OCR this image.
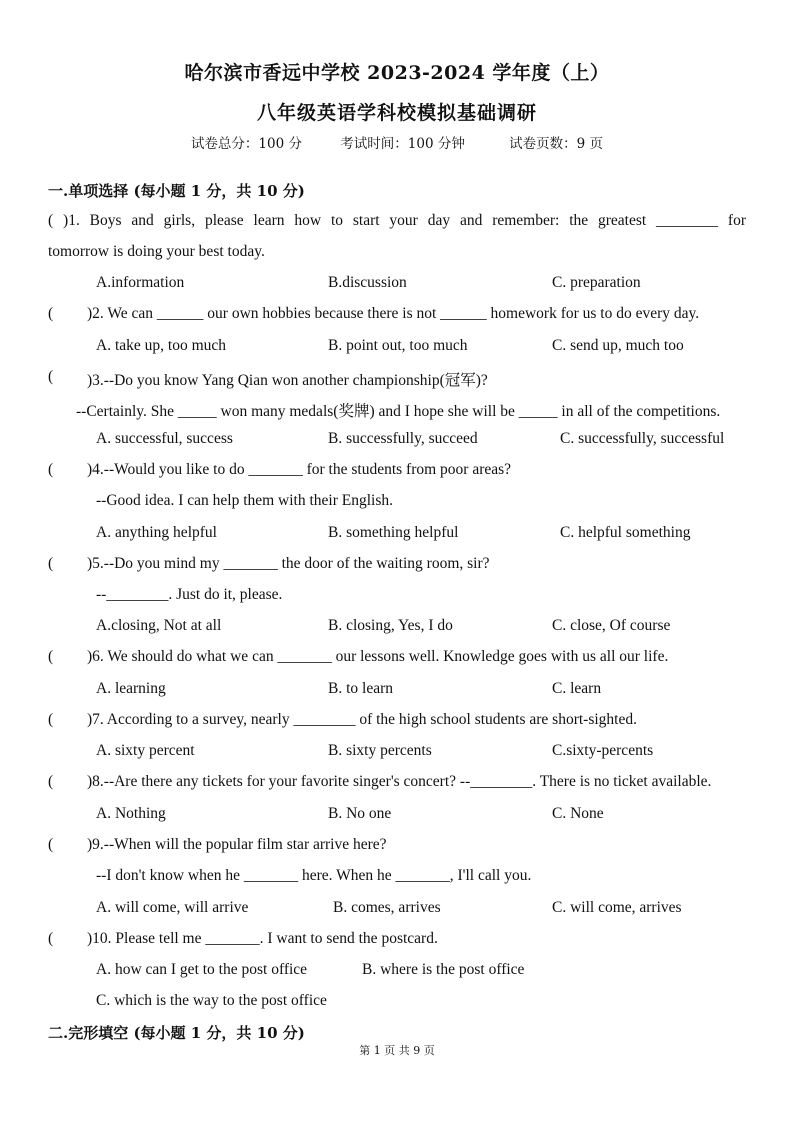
哈尔滨市香远中学校 2023-2024 学年度（上）
八年级英语学科校模拟基础调研
试卷总分：100 分	考试时间：100 分钟	试卷页数：9 页
一.单项选择 (每小题 1 分，共 10 分)
( )1. Boys and girls, please learn how to start your day and remember: the greatest ________ for
tomorrow is doing your best today.
A.information	B.discussion	C. preparation
( )2. We can ______ our own hobbies because there is not ______ homework for us to do every day.
A. take up, too much	B. point out, too much	C. send up, much too
( )3.--Do you know Yang Qian won another championship(冠军)?
--Certainly. She _____ won many medals(奖牌) and I hope she will be _____ in all of the competitions.
A. successful, success	B. successfully, succeed	C. successfully, successful
( )4.--Would you like to do _______ for the students from poor areas?
--Good idea. I can help them with their English.
A. anything helpful	B. something helpful	C. helpful something
( )5.--Do you mind my _______ the door of the waiting room, sir?
--________. Just do it, please.
A.closing, Not at all	B. closing, Yes, I do	C. close, Of course
( )6. We should do what we can _______ our lessons well. Knowledge goes with us all our life.
A. learning	B. to learn	C. learn
( )7. According to a survey, nearly ________ of the high school students are short-sighted.
A. sixty percent	B. sixty percents	C.sixty-percents
( )8.--Are there any tickets for your favorite singer's concert? --________. There is no ticket available.
A. Nothing	B. No one	C. None
( )9.--When will the popular film star arrive here?
--I don't know when he _______ here. When he _______, I'll call you.
A. will come, will arrive	B. comes, arrives	C. will come, arrives
( )10. Please tell me _______. I want to send the postcard.
A. how can I get to the post office	B. where is the post office
C. which is the way to the post office
二.完形填空 (每小题 1 分，共 10 分)
第 1 页 共 9 页
